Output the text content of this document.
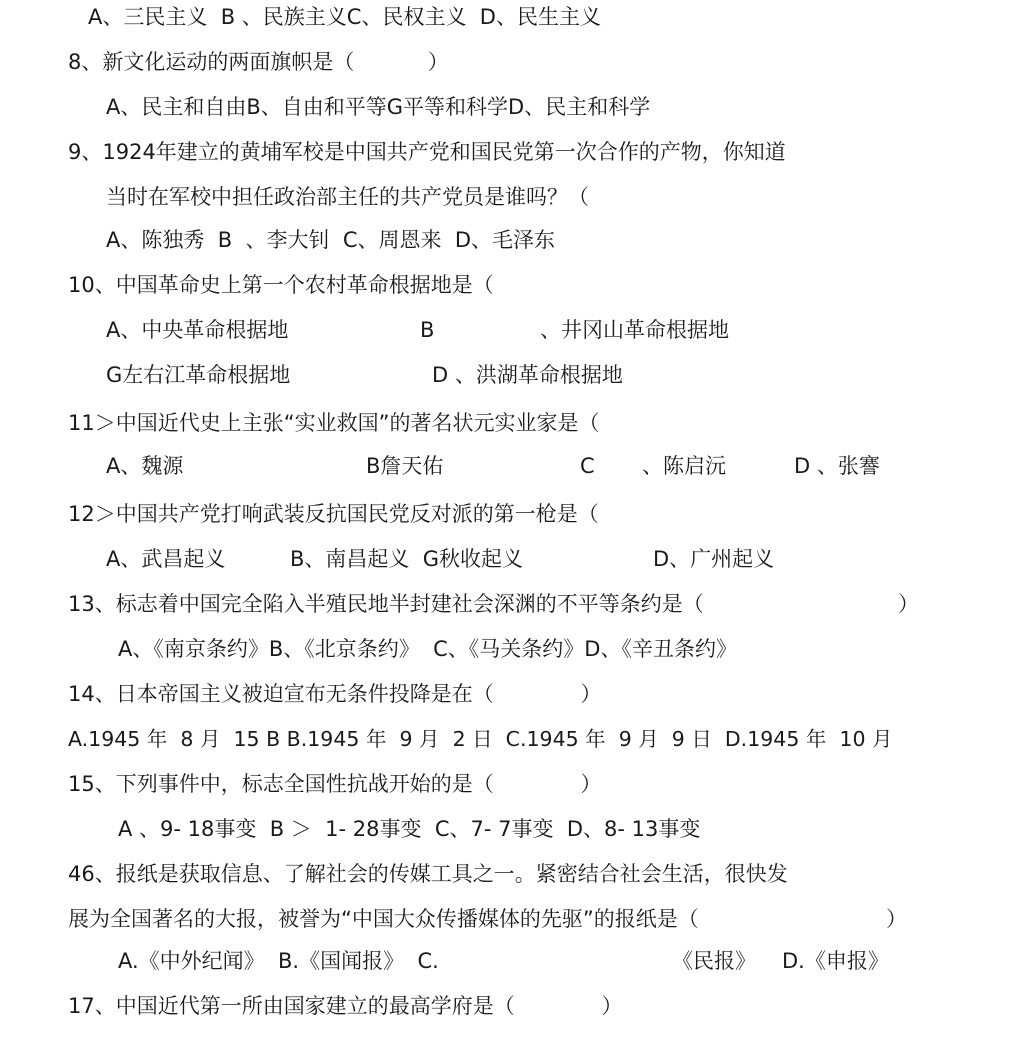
A、三民主义  B 、民族主义C、民权主义  D、民生主义
8、新文化运动的两面旗帜是（           ）
A、民主和自由B、自由和平等G平等和科学D、民主和科学
9、1924年建立的黄埔军校是中国共产党和国民党第一次合作的产物，你知道
当时在军校中担任政治部主任的共产党员是谁吗？（
A、陈独秀  B  、李大钊  C、周恩来  D、毛泽东
10、中国革命史上第一个农村革命根据地是（
A、中央革命根据地	B	、井冈山革命根据地
G左右江革命根据地	D 、洪湖革命根据地
11＞中国近代史上主张“实业救国”的著名状元实业家是（
A、魏源	B詹天佑	C 、陈启沅	D 、张謇
12＞中国共产党打响武装反抗国民党反对派的第一枪是（
A、武昌起义	B、南昌起义  G秋收起义	D、广州起义
13、标志着中国完全陷入半殖民地半封建社会深渊的不平等条约是（	）
A、《南京条约》B、《北京条约》  C、《马关条约》D、《辛丑条约》
14、日本帝国主义被迫宣布无条件投降是在（             ）
A.1945 年  8 月  15 B B.1945 年  9 月  2 日  C.1945 年  9 月  9 日  D.1945 年  10 月
15、下列事件中，标志全国性抗战开始的是（             ）
A 、9- 18事变  B ＞  1- 28事变  C、7- 7事变  D、8- 13事变
46、报纸是获取信息、了解社会的传媒工具之一。紧密结合社会生活，很快发
展为全国著名的大报，被誉为“中国大众传播媒体的先驱”的报纸是（	）
A.《中外纪闻》  B.《国闻报》  C.	《民报》 D.《申报》
17、中国近代第一所由国家建立的最高学府是（             ）
